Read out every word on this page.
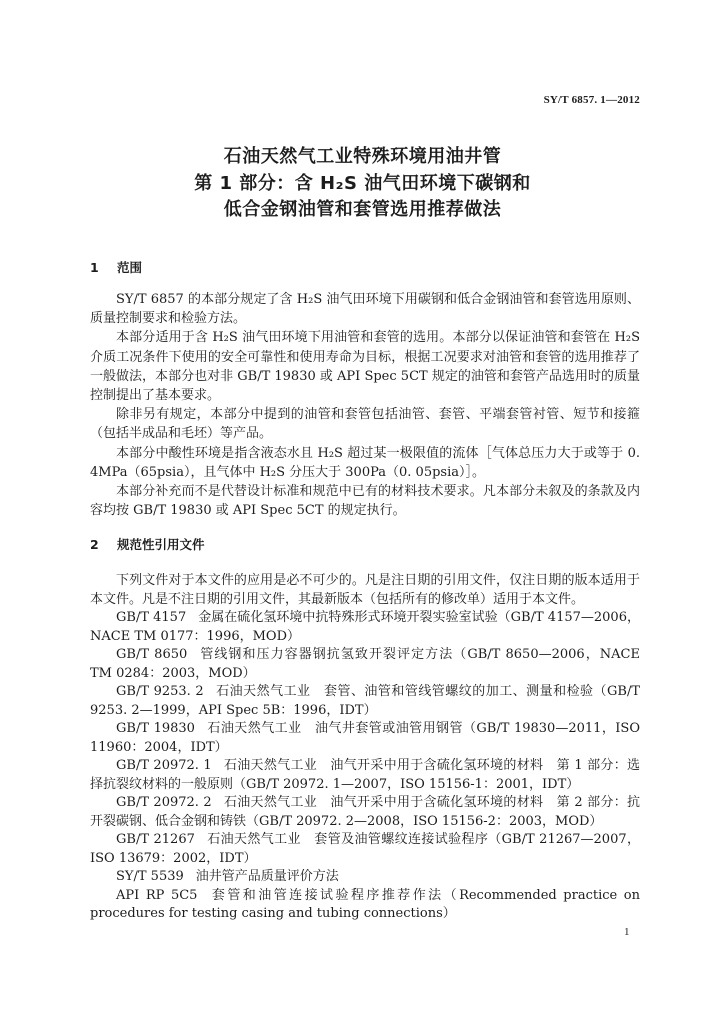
SY/T 6857. 1—2012
石油天然气工业特殊环境用油井管
第 1 部分：含 H₂S 油气田环境下碳钢和
低合金钢油管和套管选用推荐做法
1 范围

SY/T 6857 的本部分规定了含 H₂S 油气田环境下用碳钢和低合金钢油管和套管选用原则、质量控制要求和检验方法。

本部分适用于含 H₂S 油气田环境下用油管和套管的选用。本部分以保证油管和套管在 H₂S 介质工况条件下使用的安全可靠性和使用寿命为目标，根据工况要求对油管和套管的选用推荐了一般做法，本部分也对非 GB/T 19830 或 API Spec 5CT 规定的油管和套管产品选用时的质量控制提出了基本要求。

除非另有规定，本部分中提到的油管和套管包括油管、套管、平端套管衬管、短节和接箍（包括半成品和毛坯）等产品。

本部分中酸性环境是指含液态水且 H₂S 超过某一极限值的流体［气体总压力大于或等于 0. 4MPa（65psia），且气体中 H₂S 分压大于 300Pa（0. 05psia）］。

本部分补充而不是代替设计标准和规范中已有的材料技术要求。凡本部分未叙及的条款及内容均按 GB/T 19830 或 API Spec 5CT 的规定执行。

2 规范性引用文件

下列文件对于本文件的应用是必不可少的。凡是注日期的引用文件，仅注日期的版本适用于本文件。凡是不注日期的引用文件，其最新版本（包括所有的修改单）适用于本文件。

GB/T 4157 金属在硫化氢环境中抗特殊形式环境开裂实验室试验（GB/T 4157—2006，NACE TM 0177：1996，MOD）

GB/T 8650 管线钢和压力容器钢抗氢致开裂评定方法（GB/T 8650—2006，NACE TM 0284：2003，MOD）

GB/T 9253. 2 石油天然气工业　套管、油管和管线管螺纹的加工、测量和检验（GB/T 9253. 2—1999，API Spec 5B：1996，IDT）

GB/T 19830 石油天然气工业　油气井套管或油管用钢管（GB/T 19830—2011，ISO 11960：2004，IDT）

GB/T 20972. 1 石油天然气工业　油气开采中用于含硫化氢环境的材料　第 1 部分：选择抗裂纹材料的一般原则（GB/T 20972. 1—2007，ISO 15156-1：2001，IDT）

GB/T 20972. 2 石油天然气工业　油气开采中用于含硫化氢环境的材料　第 2 部分：抗开裂碳钢、低合金钢和铸铁（GB/T 20972. 2—2008，ISO 15156-2：2003，MOD）

GB/T 21267 石油天然气工业　套管及油管螺纹连接试验程序（GB/T 21267—2007，ISO 13679：2002，IDT）

SY/T 5539 油井管产品质量评价方法

API RP 5C5 套管和油管连接试验程序推荐作法（Recommended practice on procedures for testing casing and tubing connections）

1
